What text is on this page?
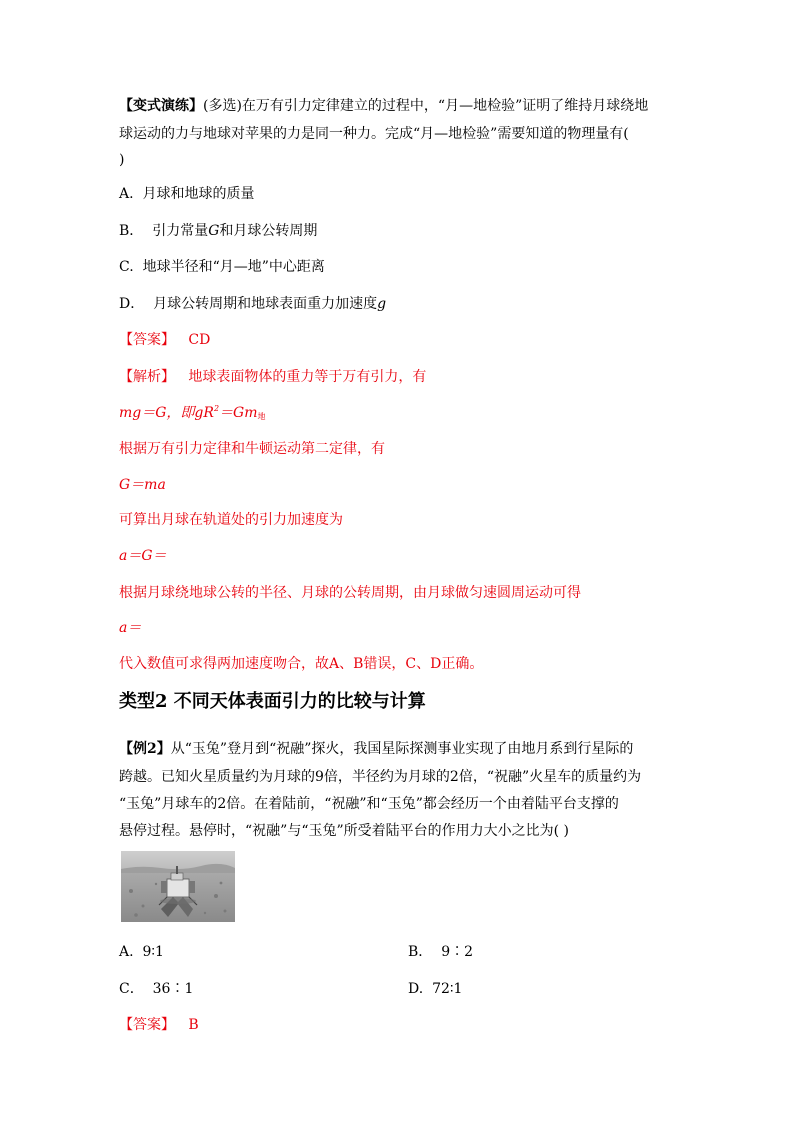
【变式演练】(多选)在万有引力定律建立的过程中，“月—地检验”证明了维持月球绕地
球运动的力与地球对苹果的力是同一种力。完成“月—地检验”需要知道的物理量有(
)
A. 月球和地球的质量
B． 引力常量G和月球公转周期
C. 地球半径和“月—地”中心距离
D． 月球公转周期和地球表面重力加速度g
【答案】 CD
【解析】 地球表面物体的重力等于万有引力，有
mg＝G，即$gR^2=Gm_地$
根据万有引力定律和牛顿运动第二定律，有
G＝ma
可算出月球在轨道处的引力加速度为
a＝G＝
根据月球绕地球公转的半径、月球的公转周期，由月球做匀速圆周运动可得
a＝
代入数值可求得两加速度吻合，故A、B错误，C、D正确。
类型2 不同天体表面引力的比较与计算
【例2】从“玉兔”登月到“祝融”探火，我国星际探测事业实现了由地月系到行星际的
跨越。已知火星质量约为月球的9倍，半径约为月球的2倍，“祝融”火星车的质量约为
“玉兔”月球车的2倍。在着陆前，“祝融”和“玉兔”都会经历一个由着陆平台支撑的
悬停过程。悬停时，“祝融”与“玉兔”所受着陆平台的作用力大小之比为( )
A. 9∶1	B． 9∶2
C． 36∶1	D. 72∶1
【答案】 B
